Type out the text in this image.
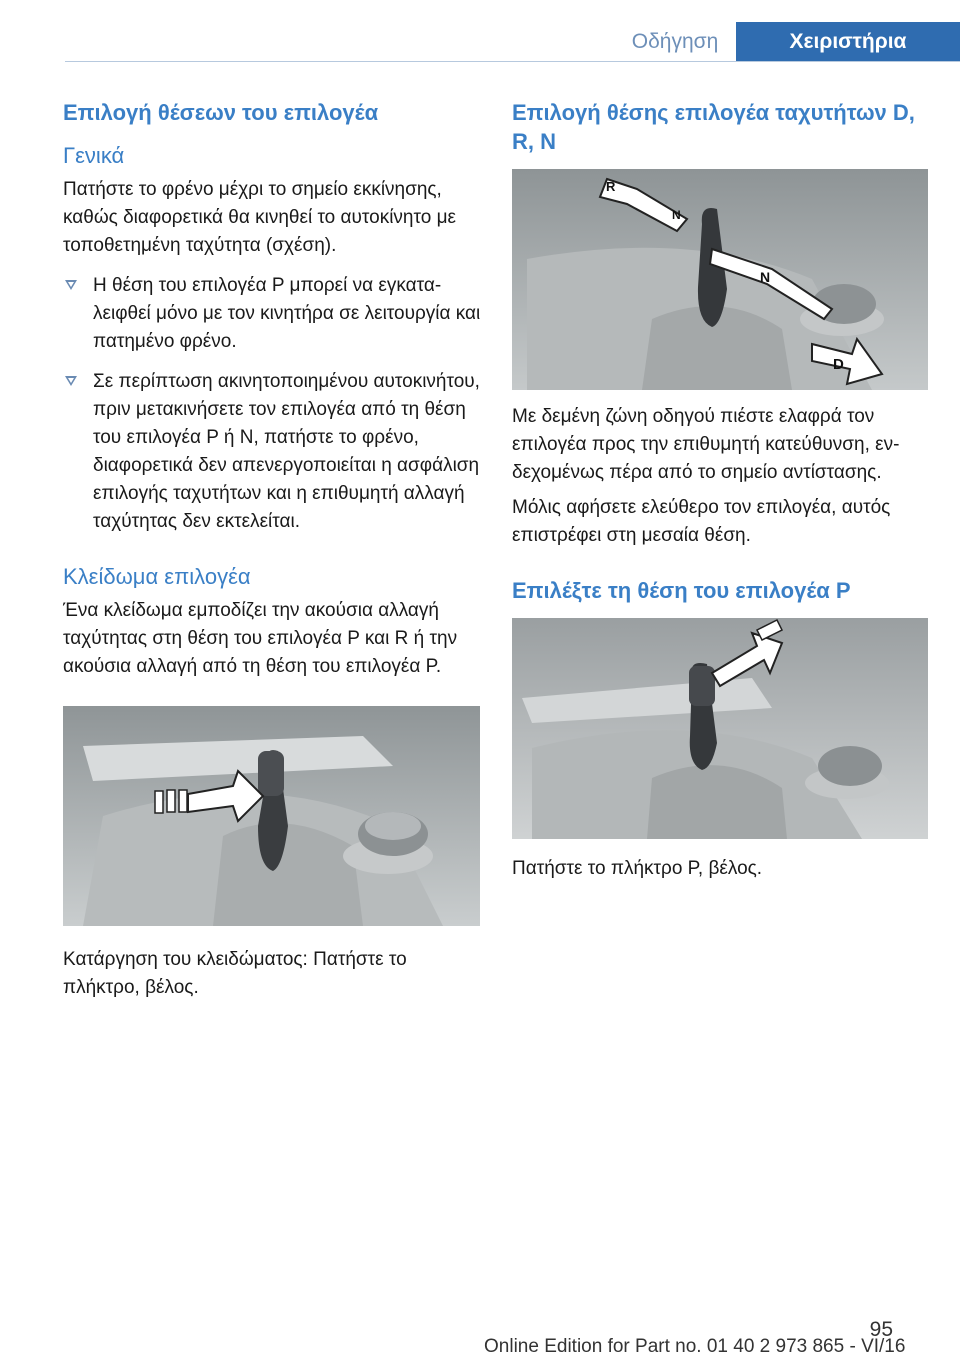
Οδήγηση	Χειριστήρια
Επιλογή θέσεων του επιλογέα
Γενικά

Πατήστε το φρένο μέχρι το σημείο εκκίνησης, καθώς διαφορετικά θα κινηθεί το αυτοκίνητο με τοποθετημένη ταχύτητα (σχέση).

Η θέση του επιλογέα P μπορεί να εγκαταλειφθεί μόνο με τον κινητήρα σε λειτουργία και πατημένο φρένο.
Σε περίπτωση ακινητοποιημένου αυτοκινήτου, πριν μετακινήσετε τον επιλογέα από τη θέση του επιλογέα P ή N, πατήστε το φρένο, διαφορετικά δεν απενεργοποιείται η ασφάλιση επιλογής ταχυτήτων και η επιθυμητή αλλαγή ταχύτητας δεν εκτελείται.
Κλείδωμα επιλογέα

Ένα κλείδωμα εμποδίζει την ακούσια αλλαγή ταχύτητας στη θέση του επιλογέα P και R ή την ακούσια αλλαγή από τη θέση του επιλογέα P.

Κατάργηση του κλειδώματος: Πατήστε το πλήκτρο, βέλος.

Επιλογή θέσης επιλογέα ταχυτήτων D, R, N
R
N
N
D

Με δεμένη ζώνη οδηγού πιέστε ελαφρά τον επιλογέα προς την επιθυμητή κατεύθυνση, ενδεχομένως πέρα από το σημείο αντίστασης.

Μόλις αφήσετε ελεύθερο τον επιλογέα, αυτός επιστρέφει στη μεσαία θέση.

Επιλέξτε τη θέση του επιλογέα P

Πατήστε το πλήκτρο P, βέλος.

95
Online Edition for Part no. 01 40 2 973 865 - VI/16
